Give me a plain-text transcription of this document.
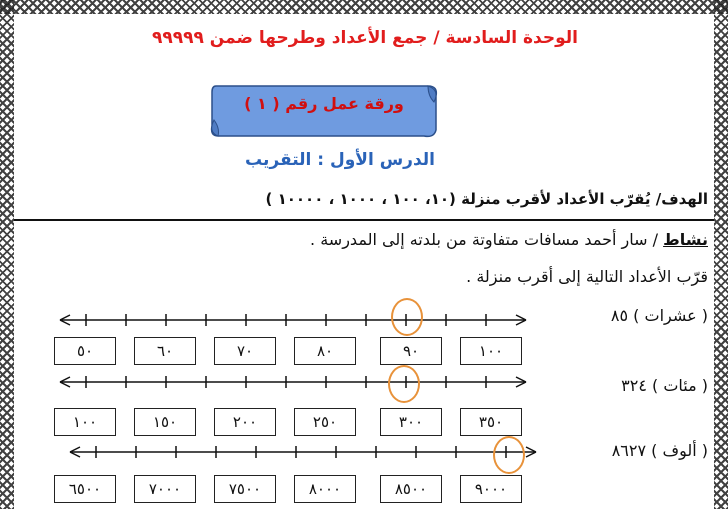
الوحدة السادسة / جمع الأعداد وطرحها ضمن ٩٩٩٩٩
ورقة عمل رقم ( ١ )
الدرس الأول : التقريب
الهدف/ يُقرّب الأعداد لأقرب منزلة (١٠، ١٠٠ ، ١٠٠٠ ، ١٠٠٠٠ )
نشاط / سار أحمد مسافات متفاوتة من بلدته إلى المدرسة .
قرّب الأعداد التالية إلى أقرب منزلة .
( عشرات ) ٨٥
٥٠	٦٠	٧٠	٨٠	٩٠	١٠٠
( مئات ) ٣٢٤
١٠٠	١٥٠	٢٠٠	٢٥٠	٣٠٠	٣٥٠
( ألوف ) ٨٦٢٧
٦٥٠٠	٧٠٠٠	٧٥٠٠	٨٠٠٠	٨٥٠٠	٩٠٠٠
